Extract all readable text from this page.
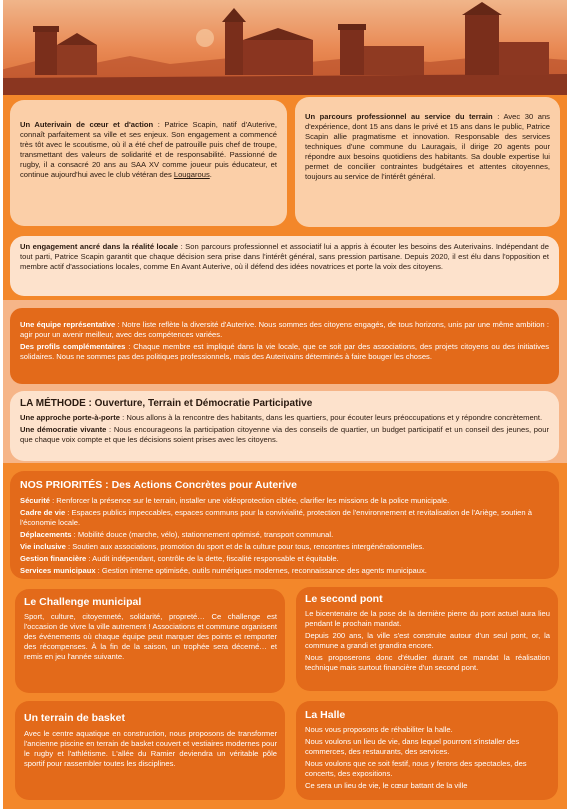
Un Auterivain de cœur et d'action : Patrice Scapin, natif d'Auterive, connaît parfaitement sa ville et ses enjeux. Son engagement a commencé très tôt avec le scoutisme, où il a été chef de patrouille puis chef de troupe, transmettant des valeurs de solidarité et de responsabilité. Passionné de rugby, il a consacré 20 ans au SAA XV comme joueur puis éducateur, et continue aujourd'hui avec le club vétéran des Lougarous.

Un parcours professionnel au service du terrain : Avec 30 ans d'expérience, dont 15 ans dans le privé et 15 ans dans le public, Patrice Scapin allie pragmatisme et innovation. Responsable des services techniques d'une commune du Lauragais, il dirige 20 agents pour répondre aux besoins quotidiens des habitants. Sa double expertise lui permet de concilier contraintes budgétaires et attentes citoyennes, toujours au service de l'intérêt général.

Un engagement ancré dans la réalité locale : Son parcours professionnel et associatif lui a appris à écouter les besoins des Auterivains. Indépendant de tout parti, Patrice Scapin garantit que chaque décision sera prise dans l'intérêt général, sans pression partisane. Depuis 2020, il est élu dans l'opposition et membre actif d'associations locales, comme En Avant Auterive, où il défend des idées novatrices et porte la voix des citoyens.

Une équipe représentative : Notre liste reflète la diversité d'Auterive. Nous sommes des citoyens engagés, de tous horizons, unis par une même ambition : agir pour un avenir meilleur, avec des compétences variées.

Des profils complémentaires : Chaque membre est impliqué dans la vie locale, que ce soit par des associations, des projets citoyens ou des initiatives solidaires. Nous ne sommes pas des politiques professionnels, mais des Auterivains déterminés à faire bouger les choses.

LA MÉTHODE : Ouverture, Terrain et Démocratie Participative

Une approche porte-à-porte : Nous allons à la rencontre des habitants, dans les quartiers, pour écouter leurs préoccupations et y répondre concrètement.

Une démocratie vivante : Nous encourageons la participation citoyenne via des conseils de quartier, un budget participatif et un conseil des jeunes, pour que chaque voix compte et que les décisions soient prises avec les citoyens.

NOS PRIORITÉS : Des Actions Concrètes pour Auterive

Sécurité : Renforcer la présence sur le terrain, installer une vidéoprotection ciblée, clarifier les missions de la police municipale.

Cadre de vie : Espaces publics impeccables, espaces communs pour la convivialité, protection de l'environnement et revitalisation de l'Ariège, soutien à l'économie locale.

Déplacements : Mobilité douce (marche, vélo), stationnement optimisé, transport communal.

Vie inclusive : Soutien aux associations, promotion du sport et de la culture pour tous, rencontres intergénérationnelles.

Gestion financière : Audit indépendant, contrôle de la dette, fiscalité responsable et équitable.

Services municipaux : Gestion interne optimisée, outils numériques modernes, reconnaissance des agents municipaux.

Le Challenge municipal

Sport, culture, citoyenneté, solidarité, propreté… Ce challenge est l'occasion de vivre la ville autrement ! Associations et commune organisent des événements où chaque équipe peut marquer des points et remporter des récompenses. À la fin de la saison, un trophée sera décerné… et remis en jeu l'année suivante.

Le second pont

Le bicentenaire de la pose de la dernière pierre du pont actuel aura lieu pendant le prochain mandat.

Depuis 200 ans, la ville s'est construite autour d'un seul pont, or, la commune a grandi et grandira encore.

Nous proposerons donc d'étudier durant ce mandat la réalisation technique mais surtout financière d'un second pont.

Un terrain de basket

Avec le centre aquatique en construction, nous proposons de transformer l'ancienne piscine en terrain de basket couvert et vestiaires modernes pour le rugby et l'athlétisme. L'allée du Ramier deviendra un véritable pôle sportif pour rassembler toutes les disciplines.

La Halle

Nous vous proposons de réhabiliter la halle.

Nous voulons un lieu de vie, dans lequel pourront s'installer des commerces, des restaurants, des services.

Nous voulons que ce soit festif, nous y ferons des spectacles, des concerts, des expositions.

Ce sera un lieu de vie, le cœur battant de la ville
